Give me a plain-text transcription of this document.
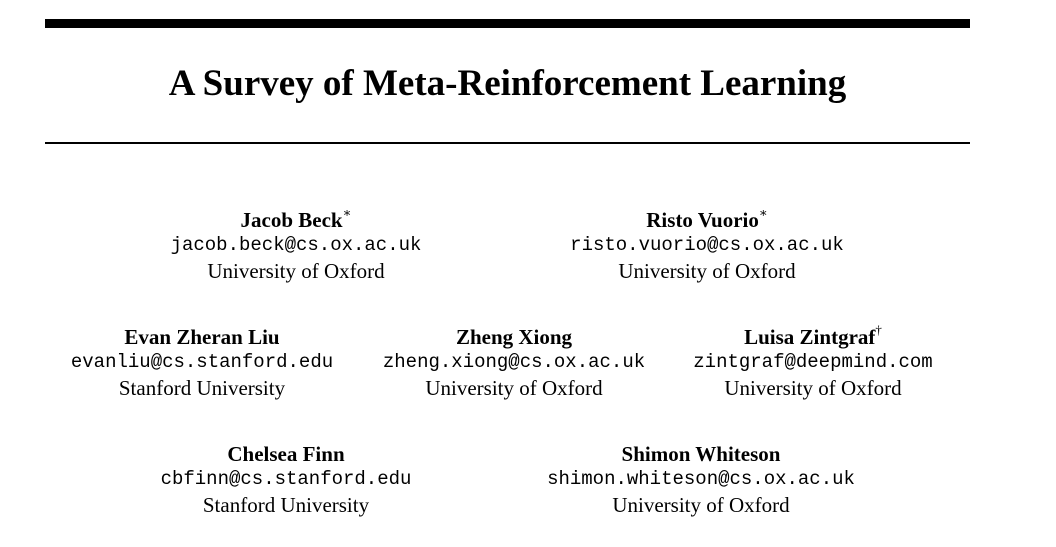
A Survey of Meta-Reinforcement Learning
Jacob Beck∗
jacob.beck@cs.ox.ac.uk
University of Oxford
Risto Vuorio∗
risto.vuorio@cs.ox.ac.uk
University of Oxford
Evan Zheran Liu
evanliu@cs.stanford.edu
Stanford University
Zheng Xiong
zheng.xiong@cs.ox.ac.uk
University of Oxford
Luisa Zintgraf†
zintgraf@deepmind.com
University of Oxford
Chelsea Finn
cbfinn@cs.stanford.edu
Stanford University
Shimon Whiteson
shimon.whiteson@cs.ox.ac.uk
University of Oxford
